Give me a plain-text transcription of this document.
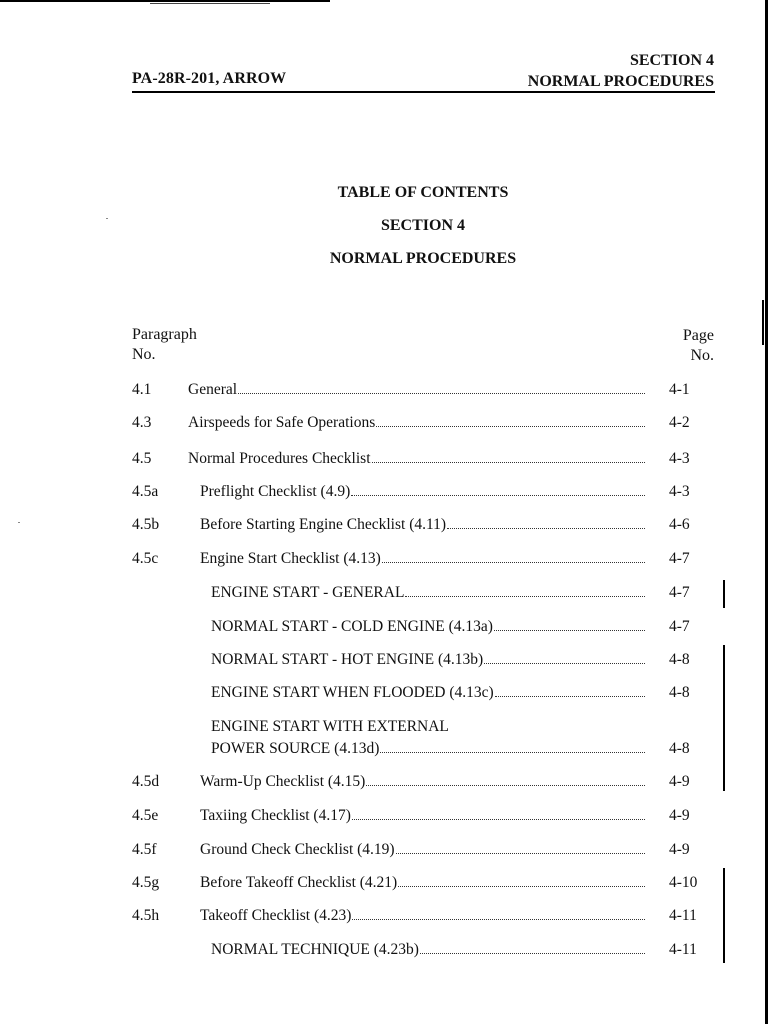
PA-28R-201, ARROW
SECTION 4
NORMAL PROCEDURES
TABLE OF CONTENTS
SECTION 4
NORMAL PROCEDURES
Paragraph
No.
Page
No.
4.1 General	4-1
4.3 Airspeeds for Safe Operations	4-2
4.5 Normal Procedures Checklist	4-3
4.5a	Preflight Checklist (4.9)	4-3
4.5b	Before Starting Engine Checklist (4.11)	4-6
4.5c	Engine Start Checklist (4.13)	4-7
ENGINE START - GENERAL	4-7
NORMAL START - COLD ENGINE (4.13a)	4-7
NORMAL START - HOT ENGINE (4.13b)	4-8
ENGINE START WHEN FLOODED (4.13c)	4-8
ENGINE START WITH EXTERNAL
POWER SOURCE (4.13d)	4-8
4.5d	Warm-Up Checklist (4.15)	4-9
4.5e	Taxiing Checklist (4.17)	4-9
4.5f	Ground Check Checklist (4.19)	4-9
4.5g	Before Takeoff Checklist (4.21)	4-10
4.5h	Takeoff Checklist (4.23)	4-11
NORMAL TECHNIQUE (4.23b)	4-11
